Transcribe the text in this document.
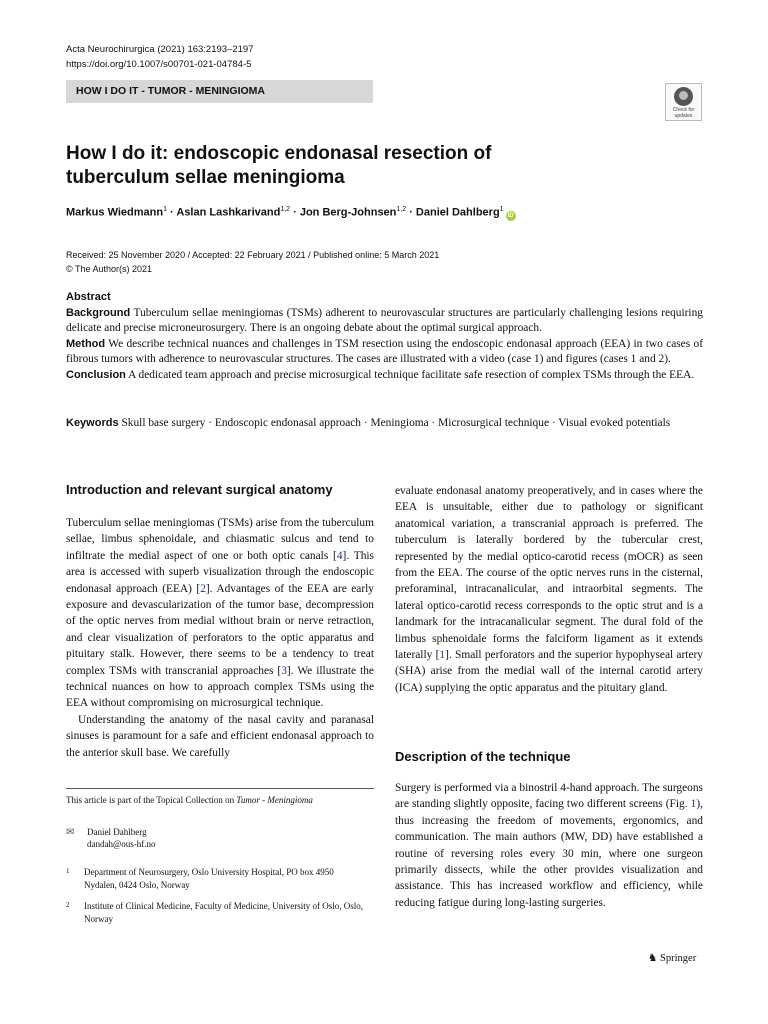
Acta Neurochirurgica (2021) 163:2193–2197
https://doi.org/10.1007/s00701-021-04784-5
HOW I DO IT - TUMOR - MENINGIOMA
Check for
updates
How I do it: endoscopic endonasal resection of tuberculum sellae meningioma
Markus Wiedmann$^1$ · Aslan Lashkarivand$^{1,2}$ · Jon Berg-Johnsen$^{1,2}$ · Daniel Dahlberg$^1$iD
Received: 25 November 2020 / Accepted: 22 February 2021 / Published online: 5 March 2021
© The Author(s) 2021
Abstract

Background Tuberculum sellae meningiomas (TSMs) adherent to neurovascular structures are particularly challenging lesions requiring delicate and precise microneurosurgery. There is an ongoing debate about the optimal surgical approach.

Method We describe technical nuances and challenges in TSM resection using the endoscopic endonasal approach (EEA) in two cases of fibrous tumors with adherence to neurovascular structures. The cases are illustrated with a video (case 1) and figures (cases 1 and 2).

Conclusion A dedicated team approach and precise microsurgical technique facilitate safe resection of complex TSMs through the EEA.

Keywords Skull base surgery · Endoscopic endonasal approach · Meningioma · Microsurgical technique · Visual evoked potentials
Introduction and relevant surgical anatomy

Tuberculum sellae meningiomas (TSMs) arise from the tuberculum sellae, limbus sphenoidale, and chiasmatic sulcus and tend to infiltrate the medial aspect of one or both optic canals [4]. This area is accessed with superb visualization through the endoscopic endonasal approach (EEA) [2]. Advantages of the EEA are early exposure and devascularization of the tumor base, decompression of the optic nerves from medial without brain or nerve retraction, and clear visualization of perforators to the optic apparatus and pituitary stalk. However, there seems to be a tendency to treat complex TSMs with transcranial approaches [3]. We illustrate the technical nuances on how to approach complex TSMs using the EEA without compromising on microsurgical technique.

Understanding the anatomy of the nasal cavity and paranasal sinuses is paramount for a safe and efficient endonasal approach to the anterior skull base. We carefully

This article is part of the Topical Collection on Tumor - Meningioma
✉ Daniel Dahlberg
dandah@ous-hf.no
1 Department of Neurosurgery, Oslo University Hospital, PO box 4950 Nydalen, 0424 Oslo, Norway
2 Institute of Clinical Medicine, Faculty of Medicine, University of Oslo, Oslo, Norway

evaluate endonasal anatomy preoperatively, and in cases where the EEA is unsuitable, either due to pathology or significant anatomical variation, a transcranial approach is preferred. The tuberculum is laterally bordered by the tubercular crest, represented by the medial optico-carotid recess (mOCR) as seen from the EEA. The course of the optic nerves runs in the cisternal, preforaminal, intracanalicular, and intraorbital segments. The lateral optico-carotid recess corresponds to the optic strut and is a landmark for the intracanalicular segment. The dural fold of the limbus sphenoidale forms the falciform ligament as it extends laterally [1]. Small perforators and the superior hypophyseal artery (SHA) arise from the medial wall of the internal carotid artery (ICA) supplying the optic apparatus and the pituitary gland.

Description of the technique

Surgery is performed via a binostril 4-hand approach. The surgeons are standing slightly opposite, facing two different screens (Fig. 1), thus increasing the freedom of movements, ergonomics, and communication. The main authors (MW, DD) have established a routine of reversing roles every 30 min, where one surgeon primarily dissects, while the other provides visualization and assistance. This has increased workflow and efficiency, while reducing fatigue during long-lasting surgeries.

♞ Springer
